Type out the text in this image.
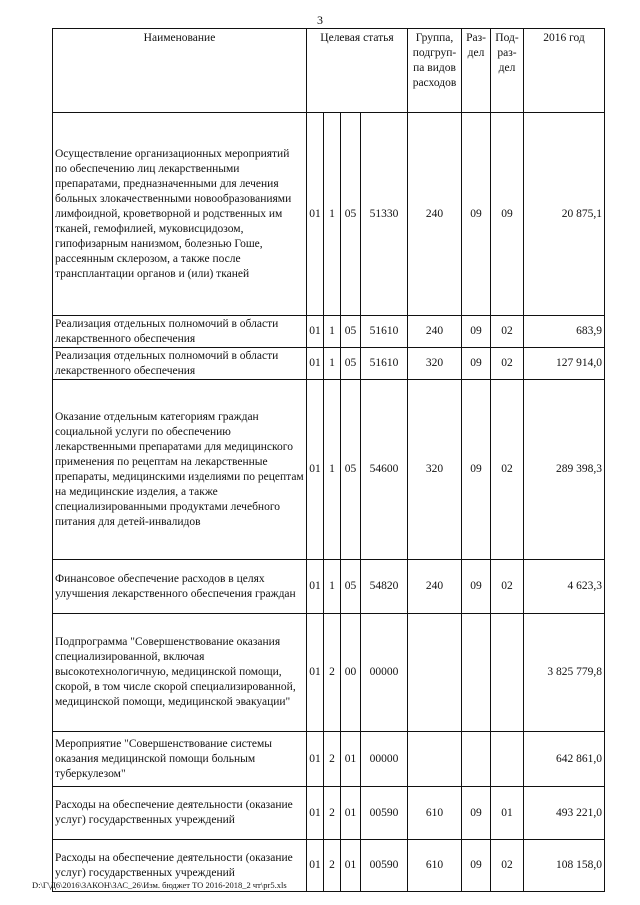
3
Наименование	Целевая статья				Группа, подгруп-па видов расходов	Раз-дел	Под-раз-дел	2016 год
Осуществление организационных мероприятий по обеспечению лиц лекарственными препаратами, предназначенными для лечения больных злокачественными новообразованиями лимфоидной, кроветворной и родственных им тканей, гемофилией, муковисцидозом, гипофизарным нанизмом, болезнью Гоше, рассеянным склерозом, а также после трансплантации органов и (или) тканей	01	1	05	51330	240	09	09	20 875,1
Реализация отдельных полномочий в области лекарственного обеспечения	01	1	05	51610	240	09	02	683,9
Реализация отдельных полномочий в области лекарственного обеспечения	01	1	05	51610	320	09	02	127 914,0
Оказание отдельным категориям граждан социальной услуги по обеспечению лекарственными препаратами для медицинского применения по рецептам на лекарственные препараты, медицинскими изделиями по рецептам на медицинские изделия, а также специализированными продуктами лечебного питания для детей-инвалидов	01	1	05	54600	320	09	02	289 398,3
Финансовое обеспечение расходов в целях улучшения лекарственного обеспечения граждан	01	1	05	54820	240	09	02	4 623,3
Подпрограмма "Совершенствование оказания специализированной, включая высокотехнологичную, медицинской помощи, скорой, в том числе скорой специализированной, медицинской помощи, медицинской эвакуации"	01	2	00	00000				3 825 779,8
Мероприятие "Совершенствование системы оказания медицинской помощи больным туберкулезом"	01	2	01	00000				642 861,0
Расходы на обеспечение деятельности (оказание услуг) государственных учреждений	01	2	01	00590	610	09	01	493 221,0
Расходы на обеспечение деятельности (оказание услуг) государственных учреждений	01	2	01	00590	610	09	02	108 158,0
D:\Г\Д6\2016\ЗАКОН\ЗАС_26\Изм. бюджет ТО 2016-2018_2 чт\pr5.xls
